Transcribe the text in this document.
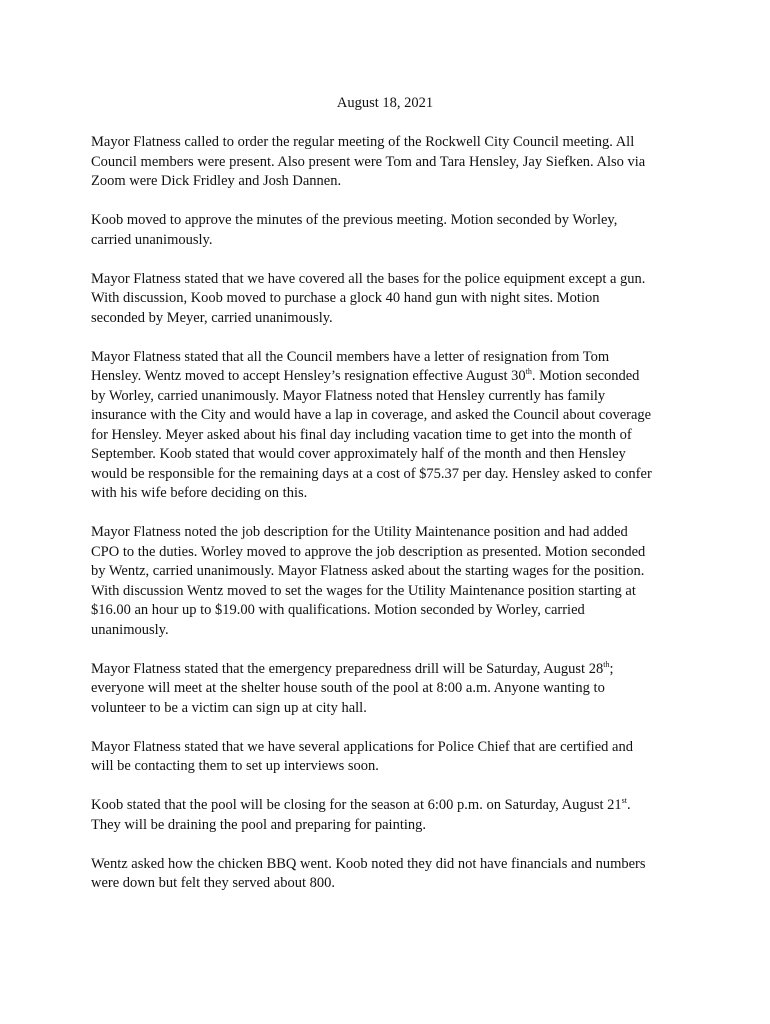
August 18, 2021
Mayor Flatness called to order the regular meeting of the Rockwell City Council meeting. All
Council members were present. Also present were Tom and Tara Hensley, Jay Siefken. Also via
Zoom were Dick Fridley and Josh Dannen.
Koob moved to approve the minutes of the previous meeting. Motion seconded by Worley,
carried unanimously.
Mayor Flatness stated that we have covered all the bases for the police equipment except a gun.
With discussion, Koob moved to purchase a glock 40 hand gun with night sites. Motion
seconded by Meyer, carried unanimously.
Mayor Flatness stated that all the Council members have a letter of resignation from Tom
Hensley. Wentz moved to accept Hensley’s resignation effective August 30th. Motion seconded
by Worley, carried unanimously. Mayor Flatness noted that Hensley currently has family
insurance with the City and would have a lap in coverage, and asked the Council about coverage
for Hensley. Meyer asked about his final day including vacation time to get into the month of
September. Koob stated that would cover approximately half of the month and then Hensley
would be responsible for the remaining days at a cost of $75.37 per day. Hensley asked to confer
with his wife before deciding on this.
Mayor Flatness noted the job description for the Utility Maintenance position and had added
CPO to the duties. Worley moved to approve the job description as presented. Motion seconded
by Wentz, carried unanimously. Mayor Flatness asked about the starting wages for the position.
With discussion Wentz moved to set the wages for the Utility Maintenance position starting at
$16.00 an hour up to $19.00 with qualifications. Motion seconded by Worley, carried
unanimously.
Mayor Flatness stated that the emergency preparedness drill will be Saturday, August 28th;
everyone will meet at the shelter house south of the pool at 8:00 a.m. Anyone wanting to
volunteer to be a victim can sign up at city hall.
Mayor Flatness stated that we have several applications for Police Chief that are certified and
will be contacting them to set up interviews soon.
Koob stated that the pool will be closing for the season at 6:00 p.m. on Saturday, August 21st.
They will be draining the pool and preparing for painting.
Wentz asked how the chicken BBQ went. Koob noted they did not have financials and numbers
were down but felt they served about 800.
